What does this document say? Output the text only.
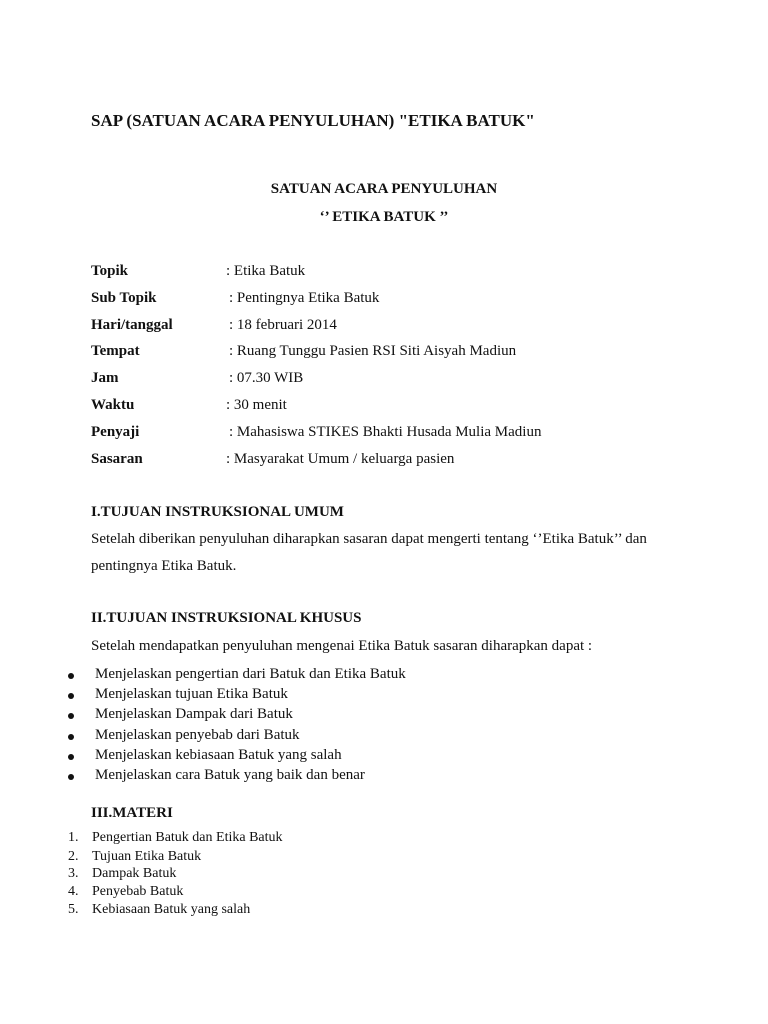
SAP (SATUAN ACARA PENYULUHAN) "ETIKA BATUK"
SATUAN ACARA PENYULUHAN
‘’ ETIKA BATUK ’’
Topik	: Etika Batuk
Sub Topik	: Pentingnya Etika Batuk
Hari/tanggal	: 18 februari 2014
Tempat	: Ruang Tunggu Pasien RSI Siti Aisyah Madiun
Jam	: 07.30 WIB
Waktu	: 30 menit
Penyaji	: Mahasiswa STIKES Bhakti Husada Mulia Madiun
Sasaran	: Masyarakat Umum / keluarga pasien
I.TUJUAN INSTRUKSIONAL UMUM
Setelah diberikan penyuluhan diharapkan sasaran dapat mengerti tentang ‘’Etika Batuk’’ dan
pentingnya Etika Batuk.
II.TUJUAN INSTRUKSIONAL KHUSUS
Setelah mendapatkan penyuluhan mengenai Etika Batuk sasaran diharapkan dapat :
Menjelaskan pengertian dari Batuk dan Etika Batuk
Menjelaskan tujuan Etika Batuk
Menjelaskan Dampak dari Batuk
Menjelaskan penyebab dari Batuk
Menjelaskan kebiasaan Batuk yang salah
Menjelaskan cara Batuk yang baik dan benar
III.MATERI
1. Pengertian Batuk dan Etika Batuk
2. Tujuan Etika Batuk
3. Dampak Batuk
4. Penyebab Batuk
5. Kebiasaan Batuk yang salah
